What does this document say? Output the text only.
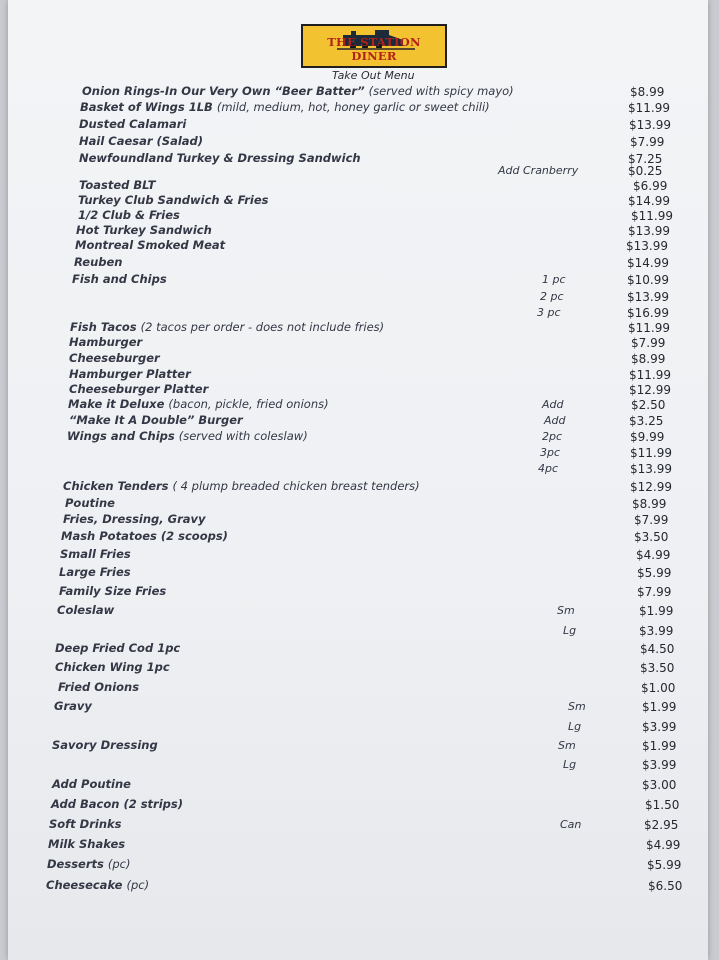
THE STATION DINER
Take Out Menu
Onion Rings-In Our Very Own “Beer Batter” (served with spicy mayo)	$8.99
Basket of Wings 1LB (mild, medium, hot, honey garlic or sweet chili)	$11.99
Dusted Calamari	$13.99
Hail Caesar (Salad)	$7.99
Newfoundland Turkey & Dressing Sandwich	$7.25
Add Cranberry	$0.25
Toasted BLT	$6.99
Turkey Club Sandwich & Fries	$14.99
1/2 Club & Fries	$11.99
Hot Turkey Sandwich	$13.99
Montreal Smoked Meat	$13.99
Reuben	$14.99
Fish and Chips	1 pc	$10.99
2 pc	$13.99
3 pc	$16.99
Fish Tacos (2 tacos per order - does not include fries)	$11.99
Hamburger	$7.99
Cheeseburger	$8.99
Hamburger Platter	$11.99
Cheeseburger Platter	$12.99
Make it Deluxe (bacon, pickle, fried onions)	Add	$2.50
“Make It A Double” Burger	Add	$3.25
Wings and Chips (served with coleslaw)	2pc	$9.99
3pc	$11.99
4pc	$13.99
Chicken Tenders ( 4 plump breaded chicken breast tenders)	$12.99
Poutine	$8.99
Fries, Dressing, Gravy	$7.99
Mash Potatoes (2 scoops)	$3.50
Small Fries	$4.99
Large Fries	$5.99
Family Size Fries	$7.99
Coleslaw	Sm	$1.99
Lg	$3.99
Deep Fried Cod 1pc	$4.50
Chicken Wing 1pc	$3.50
Fried Onions	$1.00
Gravy	Sm	$1.99
Lg	$3.99
Savory Dressing	Sm	$1.99
Lg	$3.99
Add Poutine	$3.00
Add Bacon (2 strips)	$1.50
Soft Drinks	Can	$2.95
Milk Shakes	$4.99
Desserts (pc)	$5.99
Cheesecake (pc)	$6.50
